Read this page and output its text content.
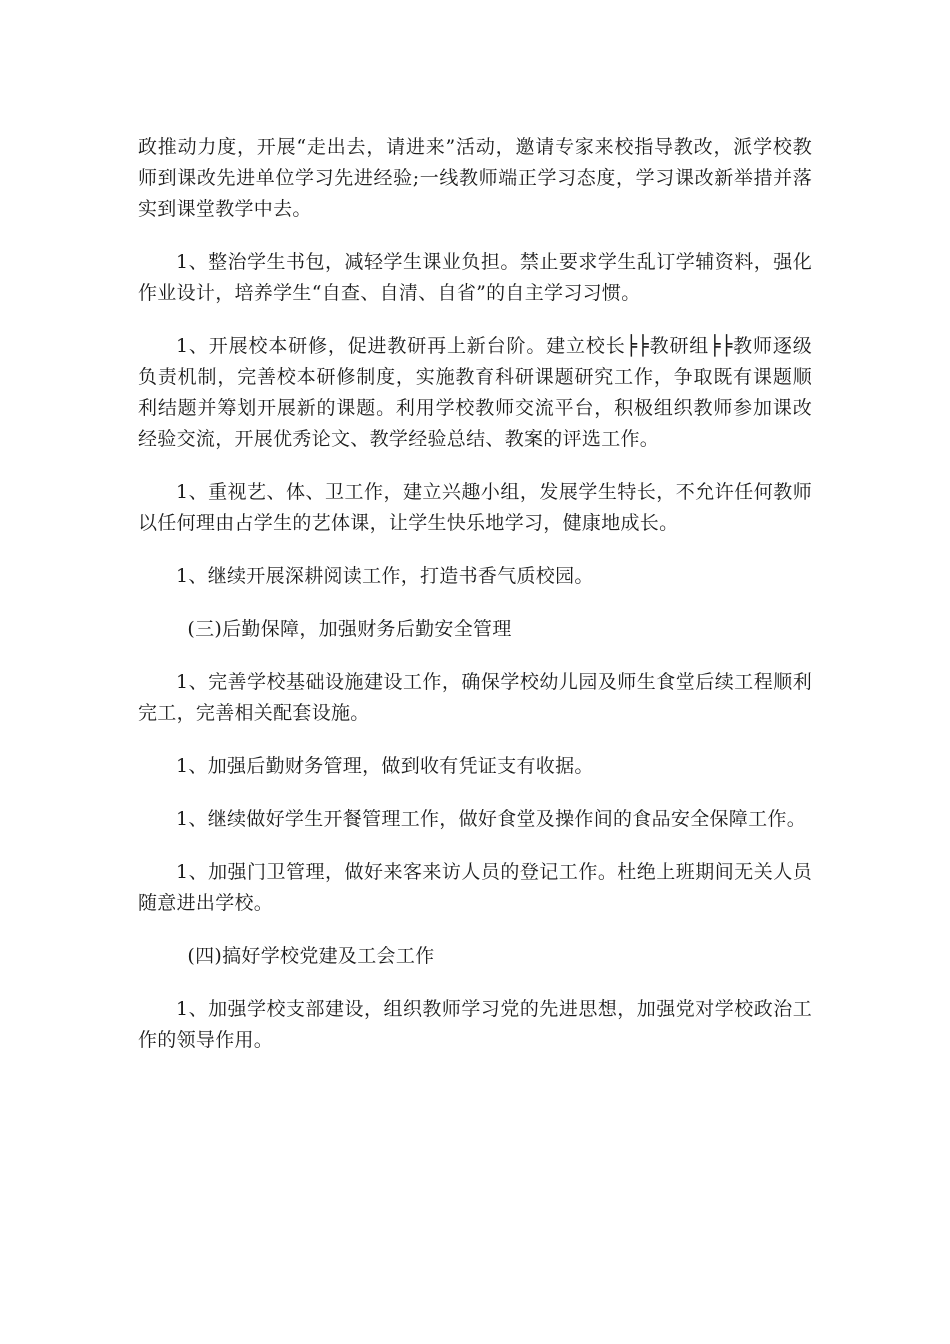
政推动力度，开展“走出去，请进来”活动，邀请专家来校指导教改，派学校教师到课改先进单位学习先进经验;一线教师端正学习态度，学习课改新举措并落实到课堂教学中去。

1、整治学生书包，减轻学生课业负担。禁止要求学生乱订学辅资料，强化作业设计，培养学生“自查、自清、自省”的自主学习习惯。

1、开展校本研修，促进教研再上新台阶。建立校长╞╞教研组╞╞教师逐级负责机制，完善校本研修制度，实施教育科研课题研究工作，争取既有课题顺利结题并筹划开展新的课题。利用学校教师交流平台，积极组织教师参加课改经验交流，开展优秀论文、教学经验总结、教案的评选工作。

1、重视艺、体、卫工作，建立兴趣小组，发展学生特长，不允许任何教师以任何理由占学生的艺体课，让学生快乐地学习，健康地成长。

1、继续开展深耕阅读工作，打造书香气质校园。

(三)后勤保障，加强财务后勤安全管理

1、完善学校基础设施建设工作，确保学校幼儿园及师生食堂后续工程顺利完工，完善相关配套设施。

1、加强后勤财务管理，做到收有凭证支有收据。

1、继续做好学生开餐管理工作，做好食堂及操作间的食品安全保障工作。

1、加强门卫管理，做好来客来访人员的登记工作。杜绝上班期间无关人员随意进出学校。

(四)搞好学校党建及工会工作

1、加强学校支部建设，组织教师学习党的先进思想，加强党对学校政治工作的领导作用。
